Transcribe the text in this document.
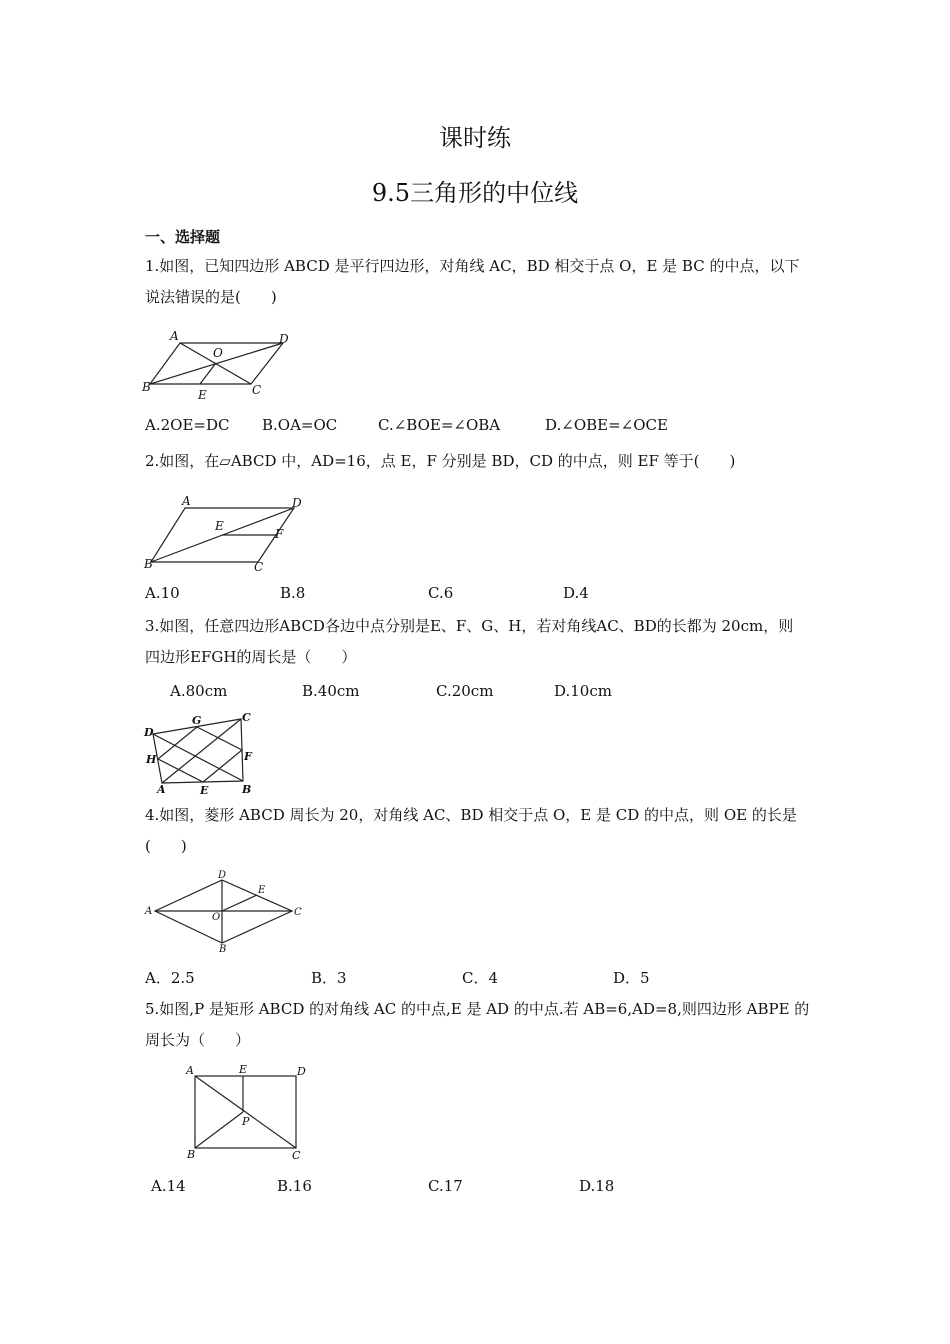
课时练
9.5三角形的中位线
一、选择题
1.如图，已知四边形 ABCD 是平行四边形，对角线 AC，BD 相交于点 O，E 是 BC 的中点，以下
说法错误的是(　　)
A	D
O
B
E	C
A	D
E
F
B	C
D
G	C
H	F
A	E	B
D
E
A
O	C
B
A	E	D
P
B	C
A.2OE=DC B.OA=OC	C.∠BOE=∠OBA	D.∠OBE=∠OCE
2.如图，在▱ABCD 中，AD=16，点 E，F 分别是 BD，CD 的中点，则 EF 等于(　　)
A.10	B.8	C.6	D.4
3.如图，任意四边形ABCD各边中点分别是E、F、G、H，若对角线AC、BD的长都为 20cm，则
四边形EFGH的周长是（　　）
A.80cm	B.40cm	C.20cm	D.10cm
4.如图，菱形 ABCD 周长为 20，对角线 AC、BD 相交于点 O，E 是 CD 的中点，则 OE 的长是
(　　)
A．2.5	B．3	C．4	D．5
5.如图,P 是矩形 ABCD 的对角线 AC 的中点,E 是 AD 的中点.若 AB=6,AD=8,则四边形 ABPE 的
周长为（　　）
A.14	B.16	C.17	D.18
